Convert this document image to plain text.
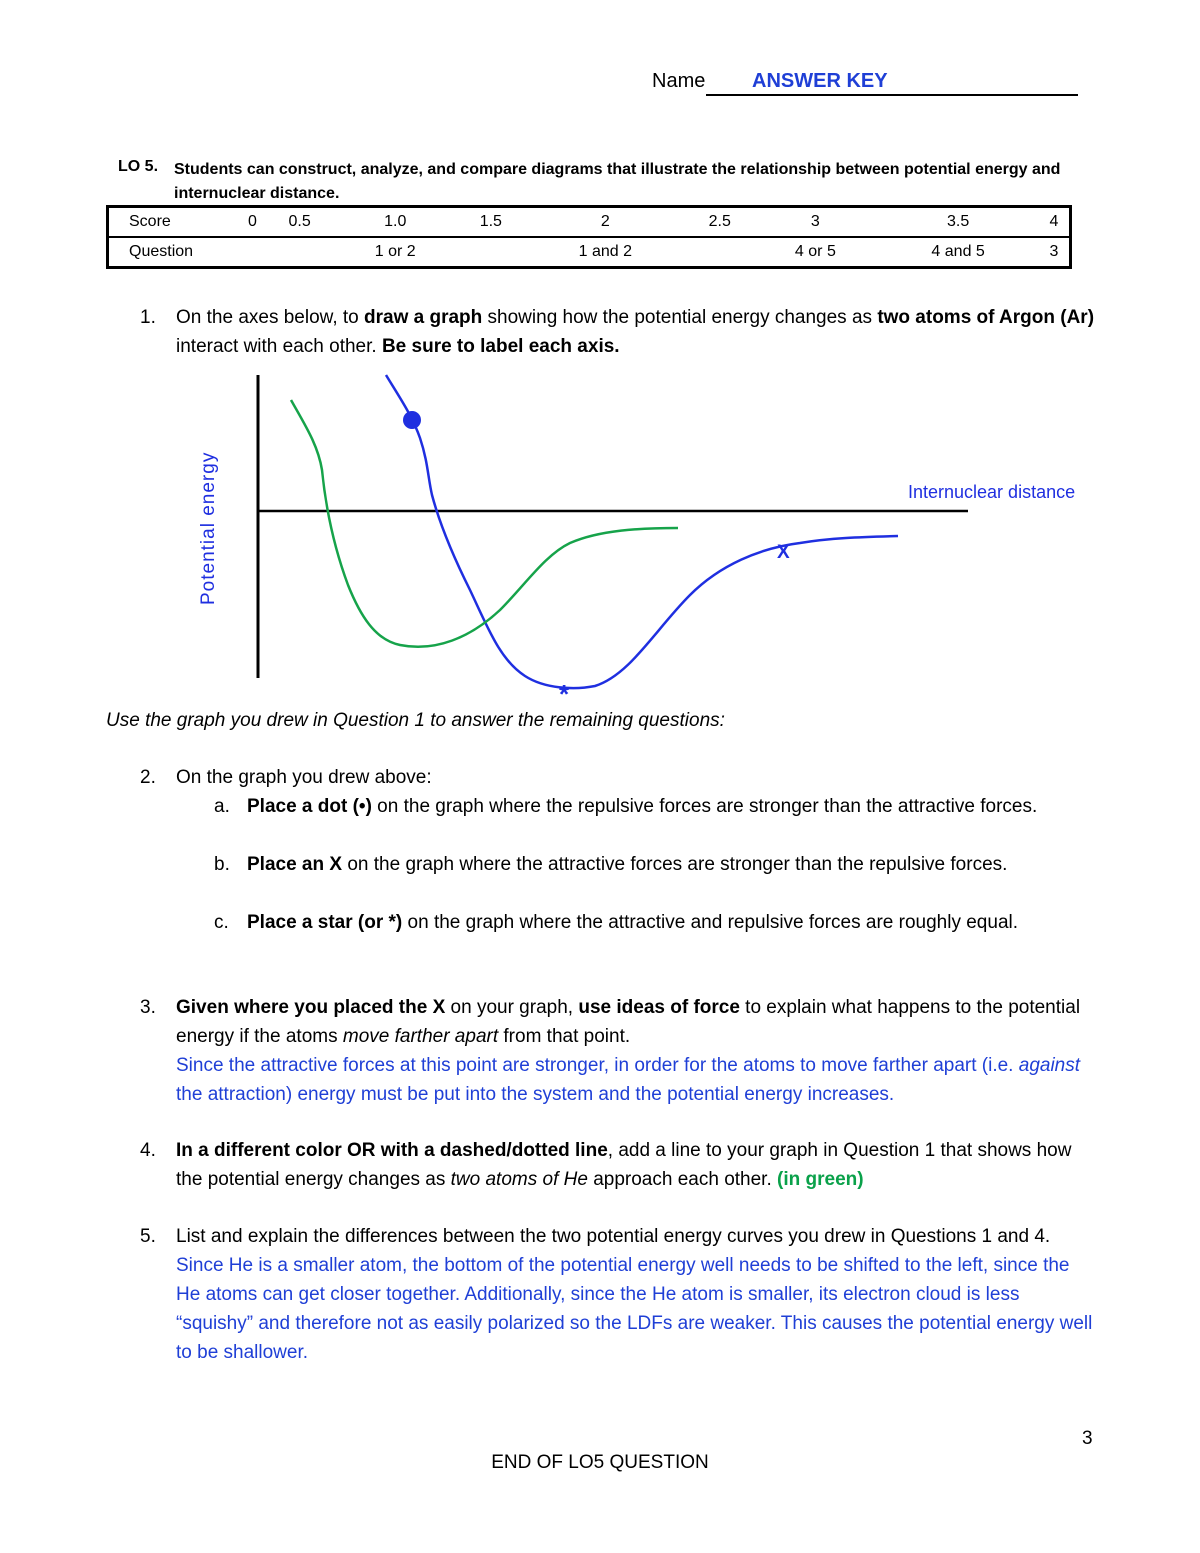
Name ANSWER KEY
LO 5. Students can construct, analyze, and compare diagrams that illustrate the relationship between potential energy and internuclear distance.
Score	0	0.5	1.0	1.5	2	2.5	3	3.5	4
Question			1 or 2		1 and 2		4 or 5	4 and 5	3
1. On the axes below, to draw a graph showing how the potential energy changes as two atoms of Argon (Ar) interact with each other. Be sure to label each axis.
Potential energy	Internuclear distance
X
*
Use the graph you drew in Question 1 to answer the remaining questions:
2. On the graph you drew above:
a. Place a dot (•) on the graph where the repulsive forces are stronger than the attractive forces.
b. Place an X on the graph where the attractive forces are stronger than the repulsive forces.
c. Place a star (or *) on the graph where the attractive and repulsive forces are roughly equal.
3. Given where you placed the X on your graph, use ideas of force to explain what happens to the potential energy if the atoms move farther apart from that point.
Since the attractive forces at this point are stronger, in order for the atoms to move farther apart (i.e. against the attraction) energy must be put into the system and the potential energy increases.
4. In a different color OR with a dashed/dotted line, add a line to your graph in Question 1 that shows how the potential energy changes as two atoms of He approach each other. (in green)
5. List and explain the differences between the two potential energy curves you drew in Questions 1 and 4.
Since He is a smaller atom, the bottom of the potential energy well needs to be shifted to the left, since the He atoms can get closer together. Additionally, since the He atom is smaller, its electron cloud is less “squishy” and therefore not as easily polarized so the LDFs are weaker. This causes the potential energy well to be shallower.
3
END OF LO5 QUESTION
